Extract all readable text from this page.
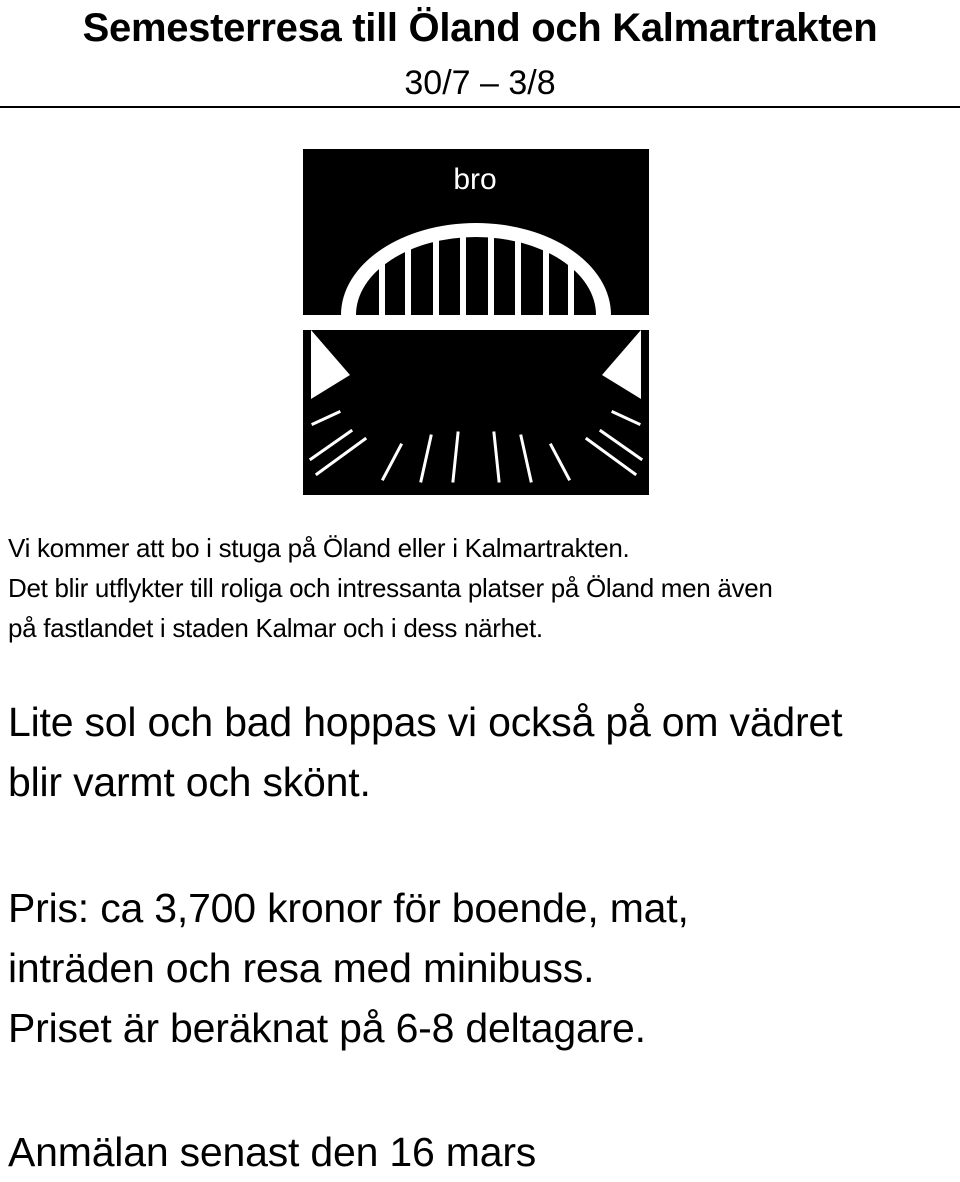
Semesterresa till Öland och Kalmartrakten
30/7 – 3/8
bro
Vi kommer att bo i stuga på Öland eller i Kalmartrakten.
Det blir utflykter till roliga och intressanta platser på Öland men även
på fastlandet i staden Kalmar och i dess närhet.
Lite sol och bad hoppas vi också på om vädret
blir varmt och skönt.
Pris: ca 3,700 kronor för boende, mat,
inträden och resa med minibuss.
Priset är beräknat på 6-8 deltagare.
Anmälan senast den 16 mars
